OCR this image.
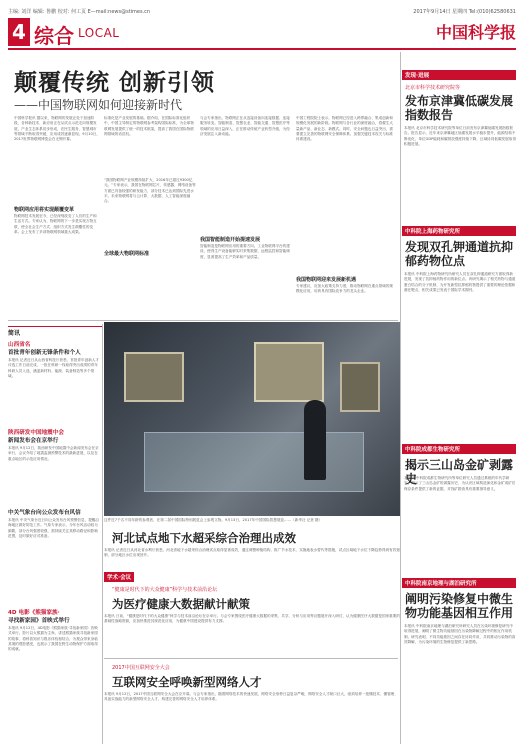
主编: 刘洋 编辑: 鲁鹏 校对: 何工页 E—mail:news@stimes.cn	2017年9月14日 星期四 Tel:(010)62580631
4 综合 LOCAL	中国科学报
颠覆传统 创新引领
——中国物联网如何迎接新时代

中国科学报讯 据以来，物联网的发展正处于加速阶段，各种新技术、新应用正在从试点示范走向规模发展，产业生态体系初步形成，在民生服务、智慧城市等领域不断取得突破，应用成效逐渐显现。9月10日，2017世界物联网博览会在无锡开幕。

物联网应用将实现颠覆变革

物联网技术发展至今，已经深刻改变了人们的生产和生活方式。专家认为，物联网的下一步是实现万物互联，使全社会生产方式、组织方式发生颠覆性的变革。会上发布了多项物联网领域重大成果。

标准化是产业发展的基础。据介绍，在国际标准化组织中，中国主导制定的物联网参考架构国际标准，为全球物联网发展提供了统一的技术框架，提高了我国在国际物联网领域的话语权。

全球最大物联网标准

“我国物联网产业规模持续扩大，2016年已超过9300亿元。”专家表示，我国在物联网芯片、传感器、网络设备等方面已具备较强的研发能力，部分技术已达到国际先进水平。未来物联网将与云计算、大数据、人工智能深度融合。

与会专家指出，物联网正在从连接设备向连接数据、连接服务转变。智能制造、智慧农业、智能交通、智慧医疗等领域的应用日益深入，正在推动传统产业转型升级，为经济发展注入新动能。

我国智能制造开始提速发展

智能制造是物联网应用的重要方向。工业物联网平台的建设，使得生产设备能够实时采集数据、远程监控和智能调度，显著提高了生产效率和产品质量。

中国工程院院士表示，物联网已经进入跨界融合、集成创新和规模化发展的新阶段。物联网与各行业的深度融合，将催生大量新产品、新业态、新模式。同时，安全问题也日益突出，需要建立完善的物联网安全保障体系，加强关键技术攻关与标准体系建设。

我国物联网迎来发展新机遇

专家建议，应加大政策支持力度，推动物联网在重点领域的规模化应用，培育具有国际竞争力的龙头企业。

简讯
山西省名
首批青年创新无锋条件和个人

本报讯 记者近日从山西省科技厅获悉，首批青年创新人才评选工作日前完成，一批在科研一线取得突出成绩的青年科研人员入选，涵盖新材料、能源、装备制造等多个领域。

陕西研发中国地震中会
新闻发布会在京举行

本报讯 9月12日，陕西研发中国地震中会新闻发布会在京举行，会议介绍了地震监测预警技术的最新进展，以及在重点地区的示范应用情况。

中关气象台向公众发布台风信

本报讯 中央气象台近日向公众发布台风预警信息，提醒沿海地区做好防范工作。气象专家表示，今年台风活动较为频繁，部分台风强度较强，需持续关注其移动路径和影响范围，及时做好应对准备。

4D 电影《熊猫家族·
寻找新家园》首映式举行

本报讯 9月12日，4D电影《熊猫家族·寻找新家园》首映式举行。影片以大熊猫为主角，讲述熊猫家族寻找新家园的故事，将科普知识与娱乐体验相结合，为观众带来身临其境的观影感受，也展示了我国在野生动物保护方面取得的成就。

这件近7千名不同年龄的参观者，在第二届中国国际特别展览会上参观文物。9月13日，2017年中国国际智慧展览……（新华社 记者 摄）
河北试点地下水超采综合治理出成效

本报讯 记者近日从河北省水利厅获悉，河北省地下水超采综合治理试点取得显著成效，通过调整种植结构、推广节水技术、实施地表水替代等措施，试点区域地下水位下降趋势得到有效遏制，部分地区水位出现回升。

学术·会议
“健康是时代下的大众健康”科学与技术前沿论坛
为医疗健康大数据献计献策

本报讯 日前，“健康是时代下的大众健康”科学与技术前沿论坛在京举行。与会专家围绕医疗健康大数据的采集、共享、分析与应用等议题展开深入研讨，认为健康医疗大数据是国家重要的基础性战略资源，应加快推进其规范化应用，为健康中国建设提供有力支撑。

2017中国互联网安全大会
互联网安全呼唤新型网络人才

本报讯 9月12日，2017中国互联网安全大会在京开幕。与会专家指出，随着网络技术的快速发展，网络安全形势日益复杂严峻，网络安全人才缺口巨大，亟须培养一批懂技术、懂管理、具备实战能力的新型网络安全人才，构建完善的网络安全人才培养体系。

发现·进展
北京市科学技术研究院等
发布京津冀低碳发展指数报告

本报讯 北京市科学技术研究院等单位日前发布京津冀低碳发展指数报告。报告显示，近年来京津冀地区低碳发展水平稳步提升，能源结构不断优化，单位GDP能耗和碳排放强度持续下降，区域协同低碳发展取得积极进展。

中科院上海药物研究所
发现双孔钾通道抗抑郁药物位点

本报讯 中科院上海药物研究所研究人员在双孔钾通道研究方面取得新进展，发现了抗抑郁药物作用的新位点。该研究揭示了相关药物与通道蛋白结合的分子机制，为开发新型抗抑郁药物提供了重要的理论依据和潜在靶点，相关成果已发表于国际学术期刊。

中科院成都生物研究所
揭示三山岛金矿剥露史

本报讯 中科院成都生物研究所等单位研究人员通过系统的年代学研究，揭示了三山岛金矿的剥露历史，为认识区域构造演化和金矿成矿后保存条件提供了新的证据，对找矿勘查具有重要指导意义。

中科院南京地理与湖泊研究所
阐明污染修复中微生物功能基因相互作用

本报讯 中科院南京地理与湖泊研究所研究人员在污染环境修复研究中取得进展，阐明了微生物功能基因在污染物降解过程中的相互作用机制。研究表明，不同功能基因之间存在协同作用，共同推动污染物的高效降解，为污染环境的生物修复提供了新思路。
